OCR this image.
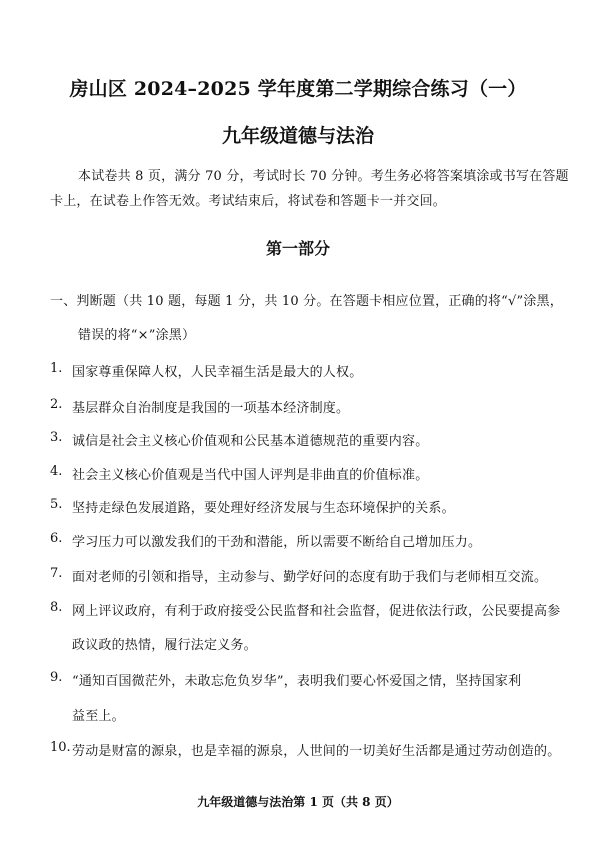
房山区 2024–2025 学年度第二学期综合练习（一）
九年级道德与法治
本试卷共 8 页，满分 70 分，考试时长 70 分钟。考生务必将答案填涂或书写在答题
卡上，在试卷上作答无效。考试结束后，将试卷和答题卡一并交回。
第一部分
一、判断题（共 10 题，每题 1 分，共 10 分。在答题卡相应位置，正确的将“√”涂黑，
错误的将“×”涂黑）
1. 国家尊重保障人权，人民幸福生活是最大的人权。
2. 基层群众自治制度是我国的一项基本经济制度。
3. 诚信是社会主义核心价值观和公民基本道德规范的重要内容。
4. 社会主义核心价值观是当代中国人评判是非曲直的价值标准。
5. 坚持走绿色发展道路，要处理好经济发展与生态环境保护的关系。
6. 学习压力可以激发我们的干劲和潜能，所以需要不断给自己增加压力。
7. 面对老师的引领和指导，主动参与、勤学好问的态度有助于我们与老师相互交流。
8. 网上评议政府，有利于政府接受公民监督和社会监督，促进依法行政，公民要提高参
政议政的热情，履行法定义务。
9. “通知百国微茫外，未敢忘危负岁华”，表明我们要心怀爱国之情，坚持国家利
益至上。
10. 劳动是财富的源泉，也是幸福的源泉，人世间的一切美好生活都是通过劳动创造的。
九年级道德与法治第 1 页（共 8 页）
